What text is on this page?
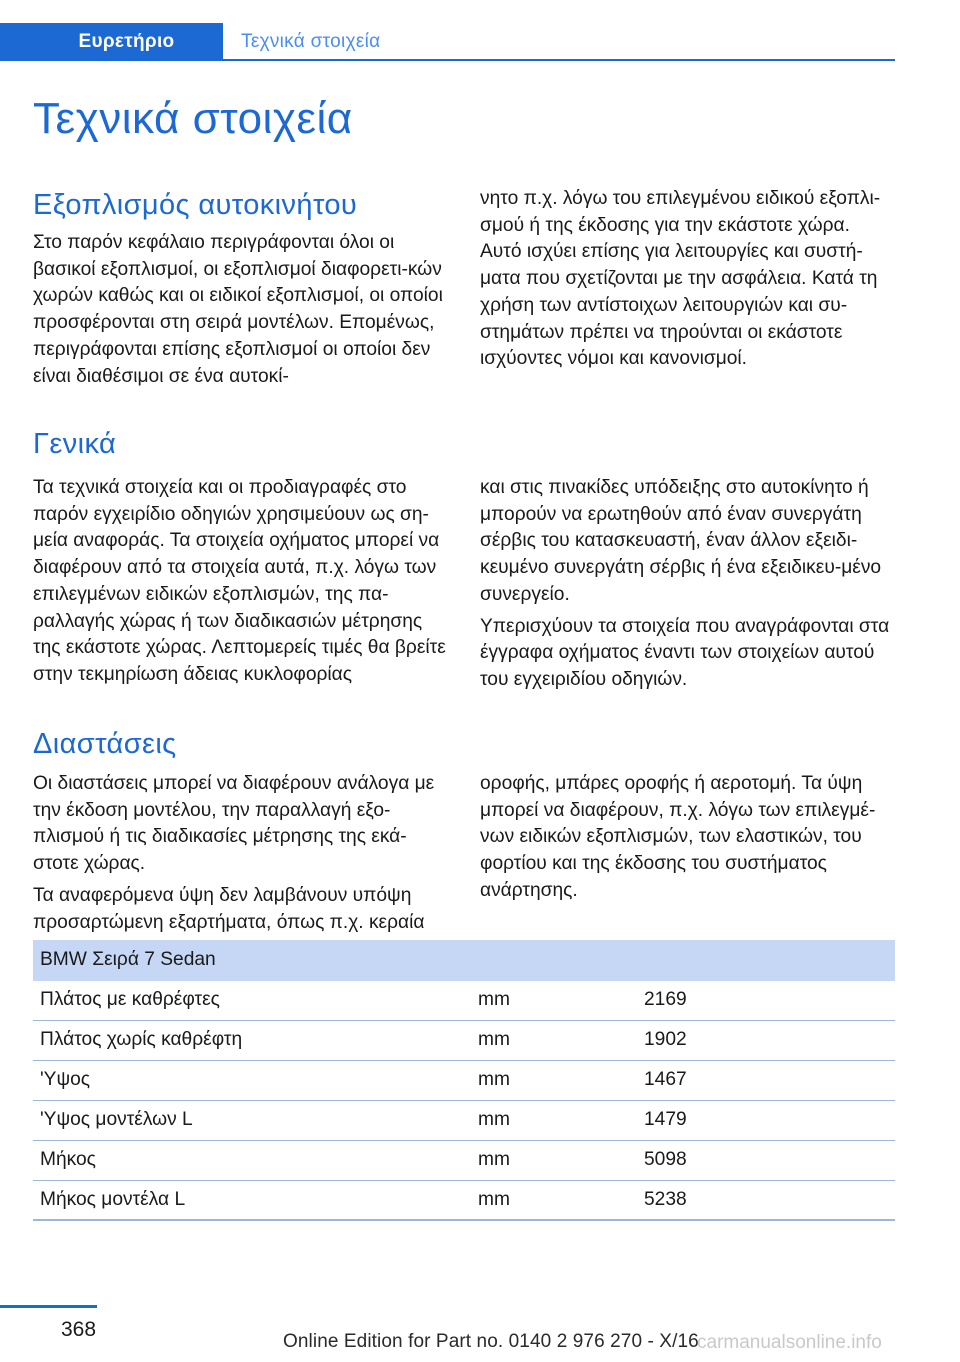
Ευρετήριο	Τεχνικά στοιχεία
Τεχνικά στοιχεία
Εξοπλισμός αυτοκινήτου

Στο παρόν κεφάλαιο περιγράφονται όλοι οι βασικοί εξοπλισμοί, οι εξοπλισμοί διαφορετι-κών χωρών καθώς και οι ειδικοί εξοπλισμοί, οι οποίοι προσφέρονται στη σειρά μοντέλων. Επομένως, περιγράφονται επίσης εξοπλισμοί οι οποίοι δεν είναι διαθέσιμοι σε ένα αυτοκί-

νητο π.χ. λόγω του επιλεγμένου ειδικού εξοπλι-σμού ή της έκδοσης για την εκάστοτε χώρα. Αυτό ισχύει επίσης για λειτουργίες και συστή-ματα που σχετίζονται με την ασφάλεια. Κατά τη χρήση των αντίστοιχων λειτουργιών και συ-στημάτων πρέπει να τηρούνται οι εκάστοτε ισχύοντες νόμοι και κανονισμοί.

Γενικά

Τα τεχνικά στοιχεία και οι προδιαγραφές στο παρόν εγχειρίδιο οδηγιών χρησιμεύουν ως ση-μεία αναφοράς. Τα στοιχεία οχήματος μπορεί να διαφέρουν από τα στοιχεία αυτά, π.χ. λόγω των επιλεγμένων ειδικών εξοπλισμών, της πα-ραλλαγής χώρας ή των διαδικασιών μέτρησης της εκάστοτε χώρας. Λεπτομερείς τιμές θα βρείτε στην τεκμηρίωση άδειας κυκλοφορίας

και στις πινακίδες υπόδειξης στο αυτοκίνητο ή μπορούν να ερωτηθούν από έναν συνεργάτη σέρβις του κατασκευαστή, έναν άλλον εξειδι-κευμένο συνεργάτη σέρβις ή ένα εξειδικευ-μένο συνεργείο.

Υπερισχύουν τα στοιχεία που αναγράφονται στα έγγραφα οχήματος έναντι των στοιχείων αυτού του εγχειριδίου οδηγιών.

Διαστάσεις

Οι διαστάσεις μπορεί να διαφέρουν ανάλογα με την έκδοση μοντέλου, την παραλλαγή εξο-πλισμού ή τις διαδικασίες μέτρησης της εκά-στοτε χώρας.

Τα αναφερόμενα ύψη δεν λαμβάνουν υπόψη προσαρτώμενη εξαρτήματα, όπως π.χ. κεραία

οροφής, μπάρες οροφής ή αεροτομή. Τα ύψη μπορεί να διαφέρουν, π.χ. λόγω των επιλεγμέ-νων ειδικών εξοπλισμών, των ελαστικών, του φορτίου και της έκδοσης του συστήματος ανάρτησης.

BMW Σειρά 7 Sedan		
Πλάτος με καθρέφτες	mm	2169
Πλάτος χωρίς καθρέφτη	mm	1902
'Υψος	mm	1467
'Υψος μοντέλων L	mm	1479
Μήκος	mm	5098
Μήκος μοντέλα L	mm	5238
368
Online Edition for Part no. 0140 2 976 270 - X/16
carmanualsonline.info
